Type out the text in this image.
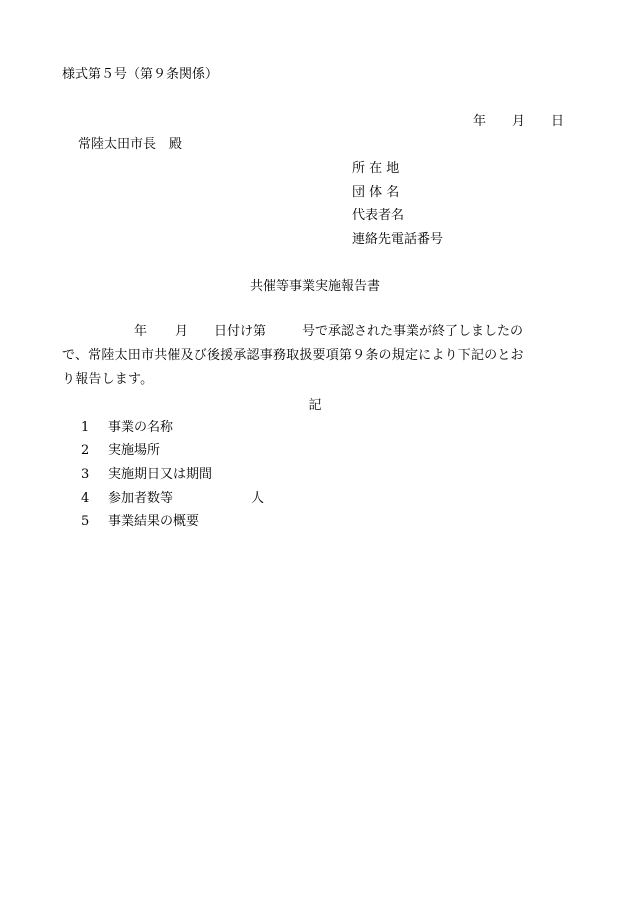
様式第５号（第９条関係）
年 月 日
常陸太田市長　殿
所 在 地
団 体 名
代表者名
連絡先電話番号
共催等事業実施報告書
年 月 日付け第	号で承認された事業が終了しましたの
で、常陸太田市共催及び後援承認事務取扱要項第９条の規定により下記のとお
り報告します。
記
1 事業の名称
2 実施場所
3 実施期日又は期間
4 参加者数等	人
5 事業結果の概要
